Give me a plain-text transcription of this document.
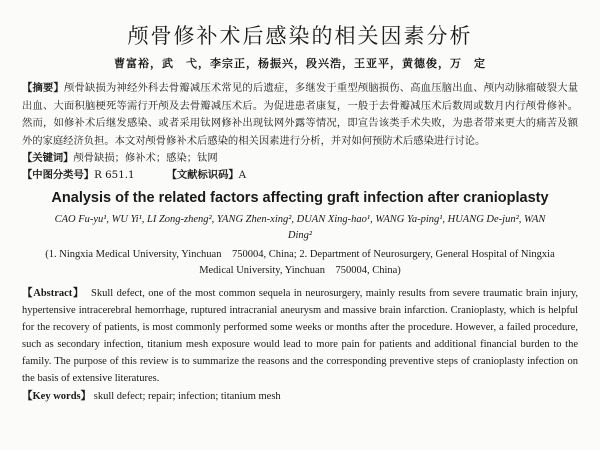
颅骨修补术后感染的相关因素分析
曹富裕，武　弋，李宗正，杨振兴，段兴浩，王亚平，黄德俊，万　定
【摘要】颅骨缺损为神经外科去骨瓣减压术常见的后遗症，多继发于重型颅脑损伤、高血压脑出血、颅内动脉瘤破裂大量出血、大面积脑梗死等需行开颅及去骨瓣减压术后。为促进患者康复，一般于去骨瓣减压术后数周或数月内行颅骨修补。然而，如修补术后继发感染、或者采用钛网修补出现钛网外露等情况，即宣告该类手术失败，为患者带来更大的痛苦及额外的家庭经济负担。本文对颅骨修补术后感染的相关因素进行分析，并对如何预防术后感染进行讨论。
【关键词】颅骨缺损；修补术；感染；钛网
【中图分类号】R 651.1	【文献标识码】A
Analysis of the related factors affecting graft infection after cranioplasty
CAO Fu-yu¹, WU Yi¹, LI Zong-zheng², YANG Zhen-xing², DUAN Xing-hao¹, WANG Ya-ping¹, HUANG De-jun², WAN Ding²
(1. Ningxia Medical University, Yinchuan　750004, China; 2. Department of Neurosurgery, General Hospital of Ningxia Medical University, Yinchuan　750004, China)
【Abstract】 Skull defect, one of the most common sequela in neurosurgery, mainly results from severe traumatic brain injury, hypertensive intracerebral hemorrhage, ruptured intracranial aneurysm and massive brain infarction. Cranioplasty, which is helpful for the recovery of patients, is most commonly performed some weeks or months after the procedure. However, a failed procedure, such as secondary infection, titanium mesh exposure would lead to more pain for patients and additional financial burden to the family. The purpose of this review is to summarize the reasons and the corresponding preventive steps of cranioplasty infection on the basis of extensive literatures.
【Key words】 skull defect; repair; infection; titanium mesh
